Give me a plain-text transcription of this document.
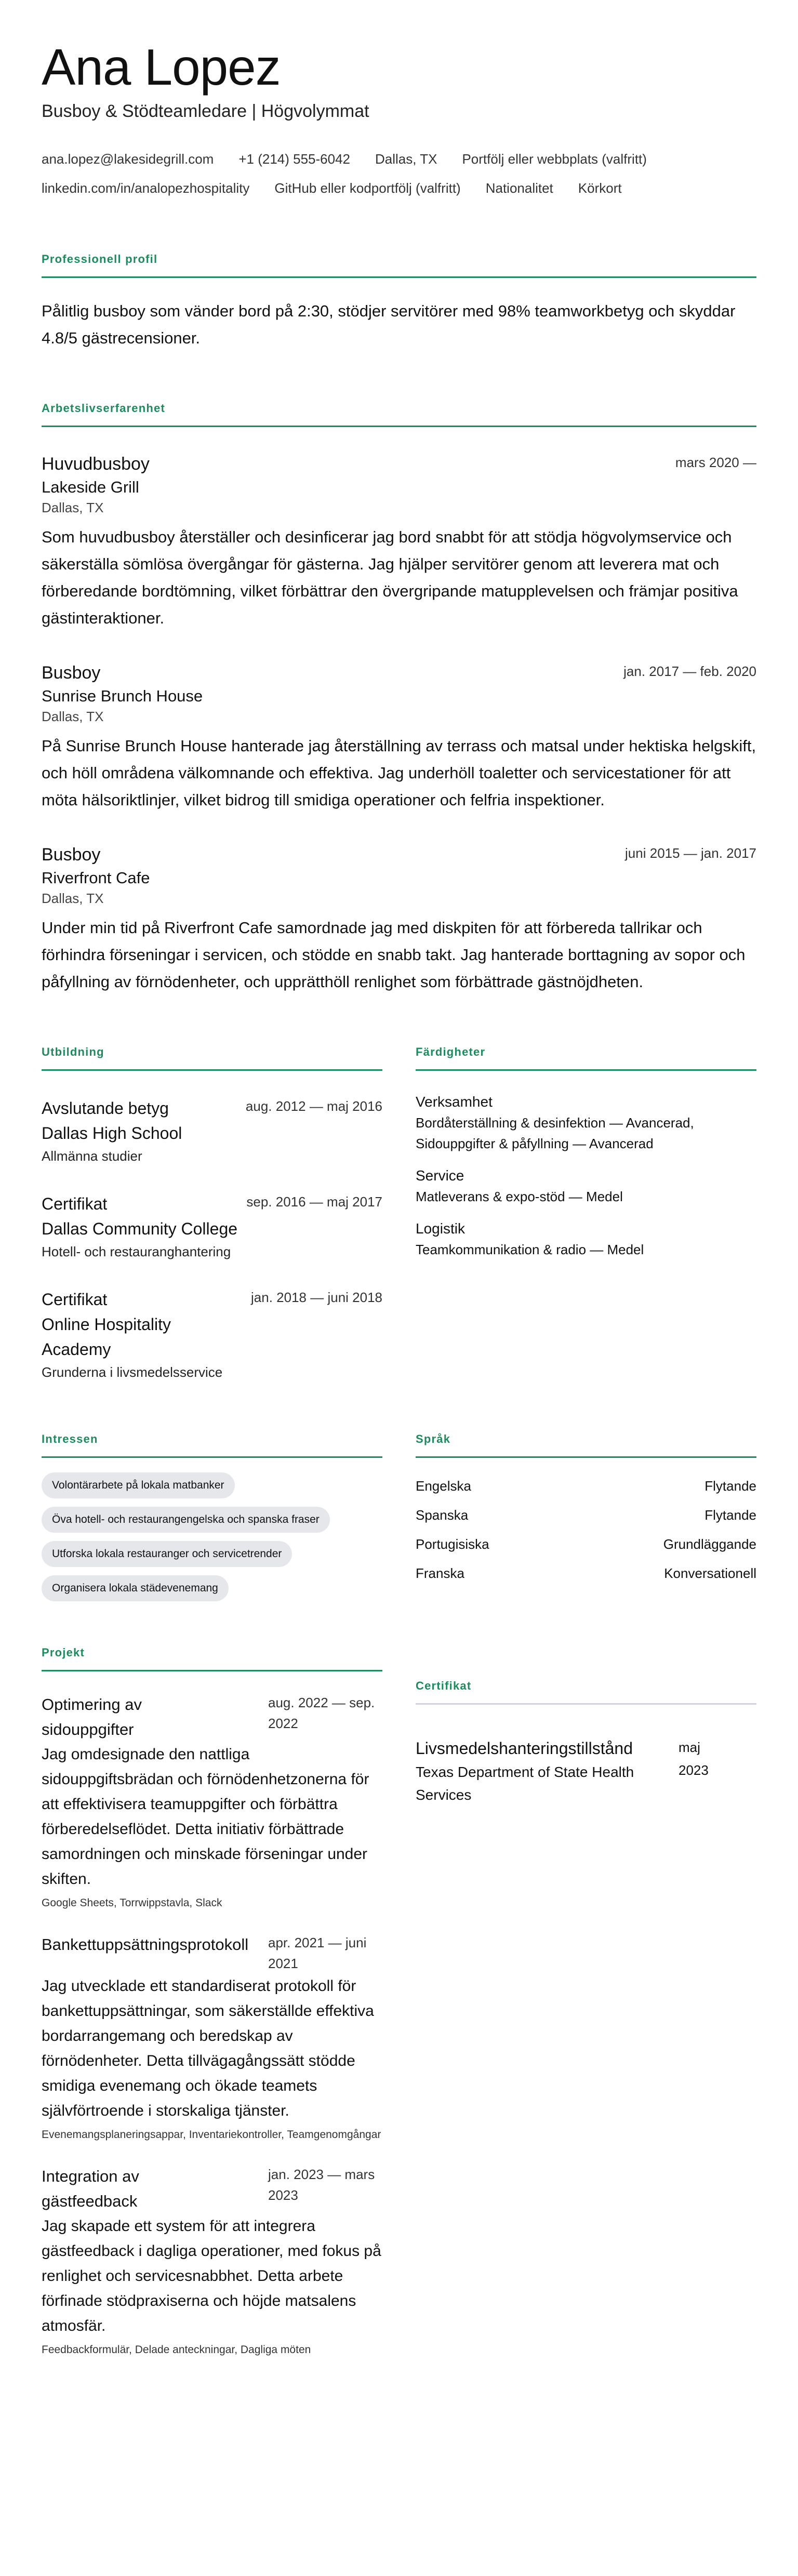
Ana Lopez
Busboy & Stödteamledare | Högvolymmat
ana.lopez@lakesidegrill.com +1 (214) 555-6042 Dallas, TX Portfölj eller webbplats (valfritt)
linkedin.com/in/analopezhospitality GitHub eller kodportfölj (valfritt) Nationalitet Körkort
Professionell profil

Pålitlig busboy som vänder bord på 2:30, stödjer servitörer med 98% teamworkbetyg och skyddar 4.8/5 gästrecensioner.

Arbetslivserfarenhet
Huvudbusboy	mars 2020 —
Lakeside Grill
Dallas, TX

Som huvudbusboy återställer och desinficerar jag bord snabbt för att stödja högvolymservice och säkerställa sömlösa övergångar för gästerna. Jag hjälper servitörer genom att leverera mat och förberedande bordtömning, vilket förbättrar den övergripande matupplevelsen och främjar positiva gästinteraktioner.

Busboy	jan. 2017 — feb. 2020
Sunrise Brunch House
Dallas, TX

På Sunrise Brunch House hanterade jag återställning av terrass och matsal under hektiska helgskift, och höll områdena välkomnande och effektiva. Jag underhöll toaletter och servicestationer för att möta hälsoriktlinjer, vilket bidrog till smidiga operationer och felfria inspektioner.

Busboy	juni 2015 — jan. 2017
Riverfront Cafe
Dallas, TX

Under min tid på Riverfront Cafe samordnade jag med diskpiten för att förbereda tallrikar och förhindra förseningar i servicen, och stödde en snabb takt. Jag hanterade borttagning av sopor och påfyllning av förnödenheter, och upprätthöll renlighet som förbättrade gästnöjdheten.

Utbildning
Avslutande betyg
Dallas High School
Allmänna studier
aug. 2012 — maj 2016
Certifikat
Dallas Community College
Hotell- och restauranghantering
sep. 2016 — maj 2017
Certifikat
Online Hospitality Academy
Grunderna i livsmedelsservice
jan. 2018 — juni 2018
Färdigheter
Verksamhet
Bordåterställning & desinfektion — Avancerad, Sidouppgifter & påfyllning — Avancerad
Service
Matleverans & expo-stöd — Medel
Logistik
Teamkommunikation & radio — Medel
Intressen
Volontärarbete på lokala matbanker
Öva hotell- och restaurangengelska och spanska fraser
Utforska lokala restauranger och servicetrender
Organisera lokala städevenemang
Språk
Engelska	Flytande
Spanska	Flytande
Portugisiska	Grundläggande
Franska	Konversationell
Projekt
Optimering av sidouppgifter
aug. 2022 — sep. 2022

Jag omdesignade den nattliga sidouppgiftsbrädan och förnödenhetzonerna för att effektivisera teamuppgifter och förbättra förberedelseflödet. Detta initiativ förbättrade samordningen och minskade förseningar under skiften.

Google Sheets, Torrwippstavla, Slack
Bankettuppsättningsprotokoll apr. 2021 — juni 2021

Jag utvecklade ett standardiserat protokoll för bankettuppsättningar, som säkerställde effektiva bordarrangemang och beredskap av förnödenheter. Detta tillvägagångssätt stödde smidiga evenemang och ökade teamets självförtroende i storskaliga tjänster.

Evenemangsplaneringsappar, Inventariekontroller, Teamgenomgångar
Integration av gästfeedback
jan. 2023 — mars 2023

Jag skapade ett system för att integrera gästfeedback i dagliga operationer, med fokus på renlighet och servicesnabbhet. Detta arbete förfinade stödpraxiserna och höjde matsalens atmosfär.

Feedbackformulär, Delade anteckningar, Dagliga möten
Certifikat
Livsmedelshanteringstillstånd
Texas Department of State Health Services
maj 2023
